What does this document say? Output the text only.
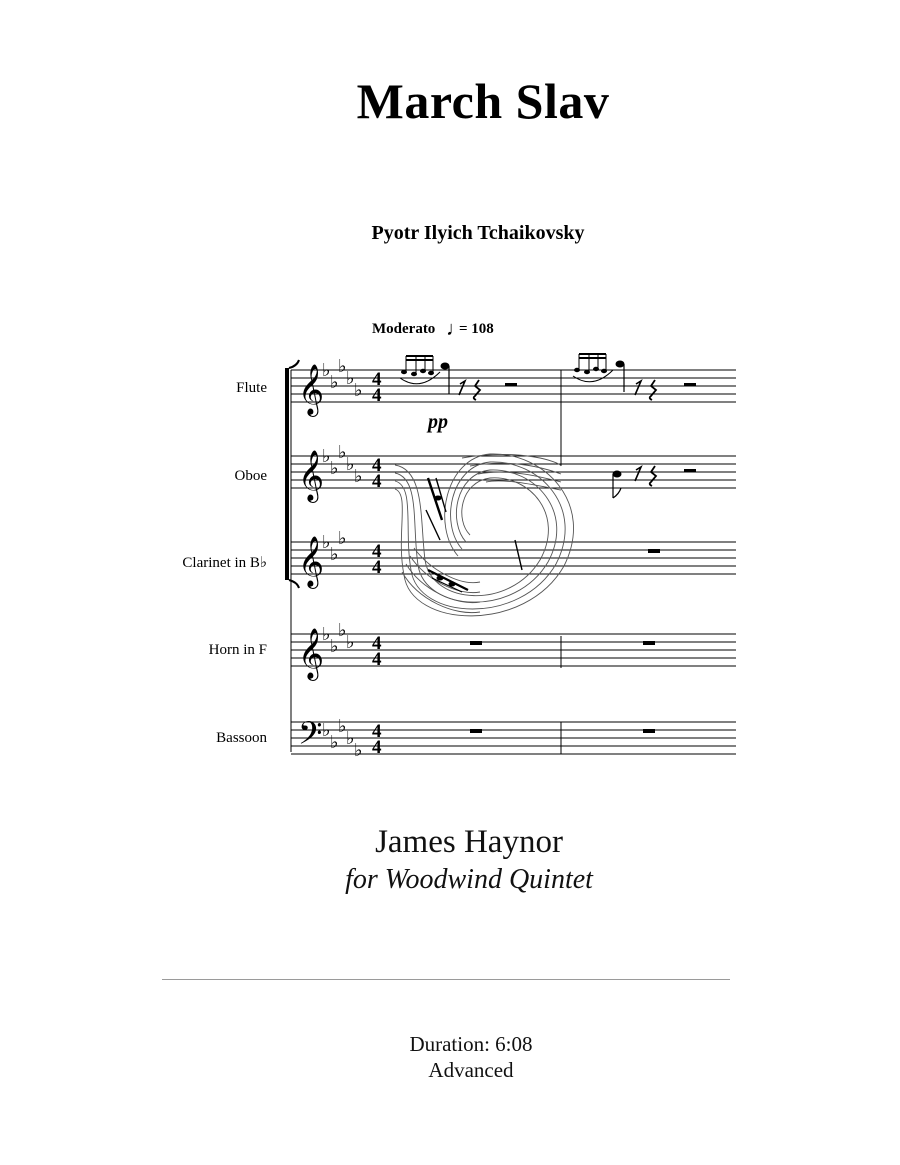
March Slav
Pyotr Ilyich Tchaikovsky
Moderato ♩
= 108
𝄞
♭
♭
♭
♭
♭ 4
4
𝄞
♭
♭
♭
♭
♭ 4
4
𝄞
♭
♭
♭
4
4
𝄞
♭
♭
♭
♭ 4
4
𝄢 ♭
♭
♭
♭
♭
4
4
pp
Flute
Oboe
Clarinet in B♭
Horn in F
Bassoon
James Haynor
for Woodwind Quintet
Duration: 6:08
Advanced
